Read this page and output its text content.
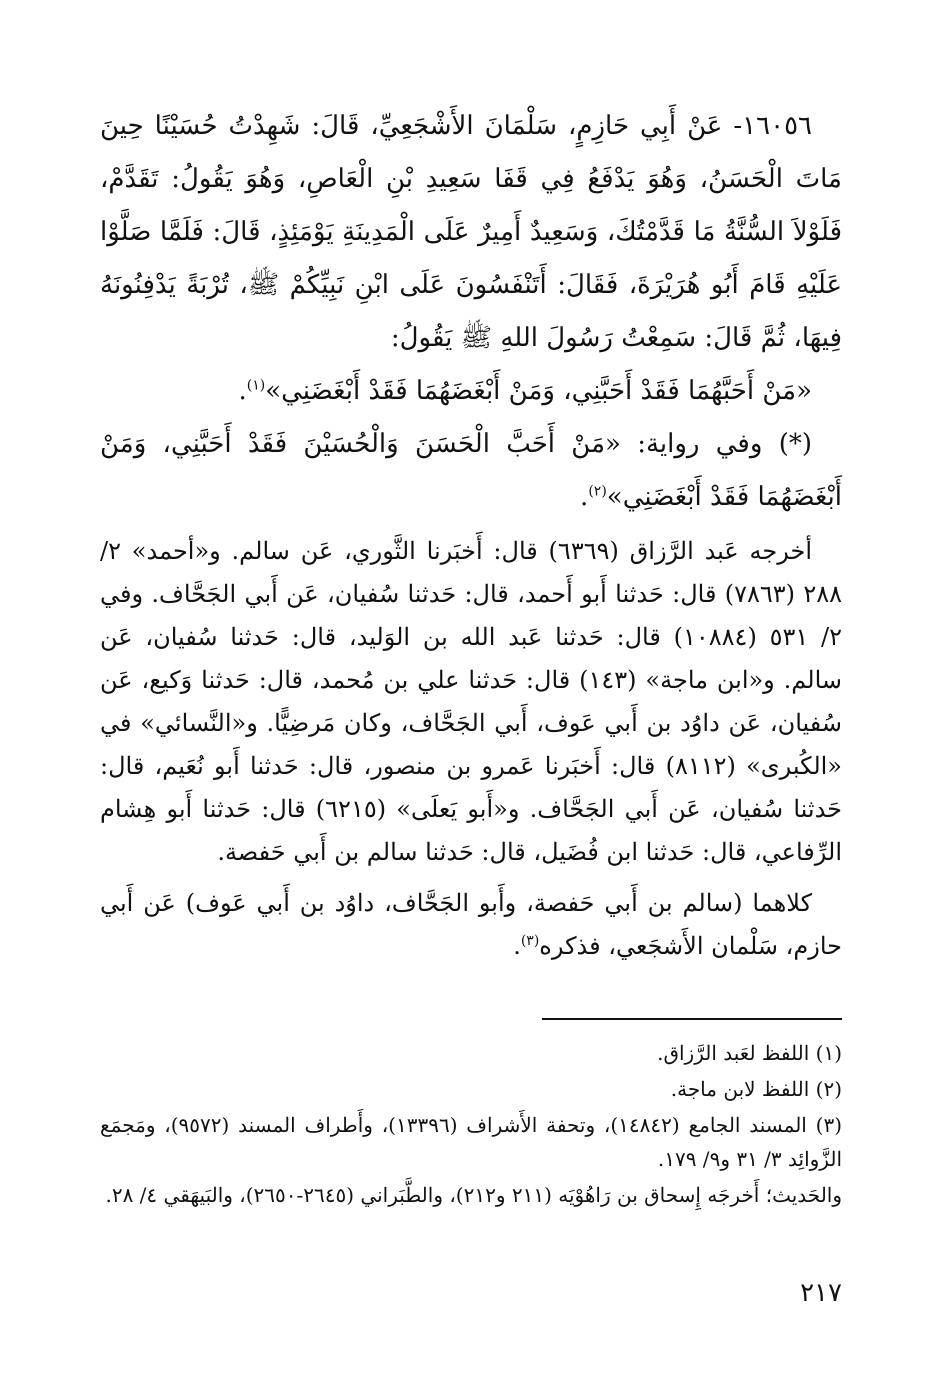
١٦٠٥٦- عَنْ أَبِي حَازِمٍ، سَلْمَانَ الأَشْجَعِيِّ، قَالَ: شَهِدْتُ حُسَيْنًا حِينَ مَاتَ الْحَسَنُ، وَهُوَ يَدْفَعُ فِي قَفَا سَعِيدِ بْنِ الْعَاصِ، وَهُوَ يَقُولُ: تَقَدَّمْ، فَلَوْلاَ السُّنَّةُ مَا قَدَّمْتُكَ، وَسَعِيدٌ أَمِيرٌ عَلَى الْمَدِينَةِ يَوْمَئِذٍ، قَالَ: فَلَمَّا صَلَّوْا عَلَيْهِ قَامَ أَبُو هُرَيْرَةَ، فَقَالَ: أَتَنْفَسُونَ عَلَى ابْنِ نَبِيِّكُمْ ﷺ، تُرْبَةً يَدْفِنُونَهُ فِيهَا، ثُمَّ قَالَ: سَمِعْتُ رَسُولَ اللهِ ﷺ يَقُولُ:

«مَنْ أَحَبَّهُمَا فَقَدْ أَحَبَّنِي، وَمَنْ أَبْغَضَهُمَا فَقَدْ أَبْغَضَنِي»$^{(١)}$.

(*) وفي رواية: «مَنْ أَحَبَّ الْحَسَنَ وَالْحُسَيْنَ فَقَدْ أَحَبَّنِي، وَمَنْ أَبْغَضَهُمَا فَقَدْ أَبْغَضَنِي»$^{(٢)}$.

أخرجه عَبد الرَّزاق (٦٣٦٩) قال: أَخبَرنا الثَّوري، عَن سالم. و«أحمد» ٢/ ٢٨٨ (٧٨٦٣) قال: حَدثنا أَبو أَحمد، قال: حَدثنا سُفيان، عَن أَبي الجَحَّاف. وفي ٢/ ٥٣١ (١٠٨٨٤) قال: حَدثنا عَبد الله بن الوَليد، قال: حَدثنا سُفيان، عَن سالم. و«ابن ماجة» (١٤٣) قال: حَدثنا علي بن مُحمد، قال: حَدثنا وَكيع، عَن سُفيان، عَن داوُد بن أَبي عَوف، أَبي الجَحَّاف، وكان مَرضِيًّا. و«النَّسائي» في «الكُبرى» (٨١١٢) قال: أَخبَرنا عَمرو بن منصور، قال: حَدثنا أَبو نُعَيم، قال: حَدثنا سُفيان، عَن أَبي الجَحَّاف. و«أَبو يَعلَى» (٦٢١٥) قال: حَدثنا أَبو هِشام الرِّفاعي، قال: حَدثنا ابن فُضَيل، قال: حَدثنا سالم بن أَبي حَفصة.

كلاهما (سالم بن أَبي حَفصة، وأَبو الجَحَّاف، داوُد بن أَبي عَوف) عَن أَبي حازم، سَلْمان الأَشجَعي، فذكره$^{(٣)}$.

(١) اللفظ لعَبد الرَّزاق.

(٢) اللفظ لابن ماجة.

(٣) المسند الجامع (١٤٨٤٢)، وتحفة الأَشراف (١٣٣٩٦)، وأَطراف المسند (٩٥٧٢)، ومَجمَع الزَّوائِد ٣/ ٣١ و٩/ ١٧٩.

والحَديث؛ أَخرجَه إِسحاق بن رَاهُوْيَه (٢١١ و٢١٢)، والطَّبَراني (٢٦٤٥-٢٦٥٠)، والبَيهَقي ٤/ ٢٨.

٢١٧
